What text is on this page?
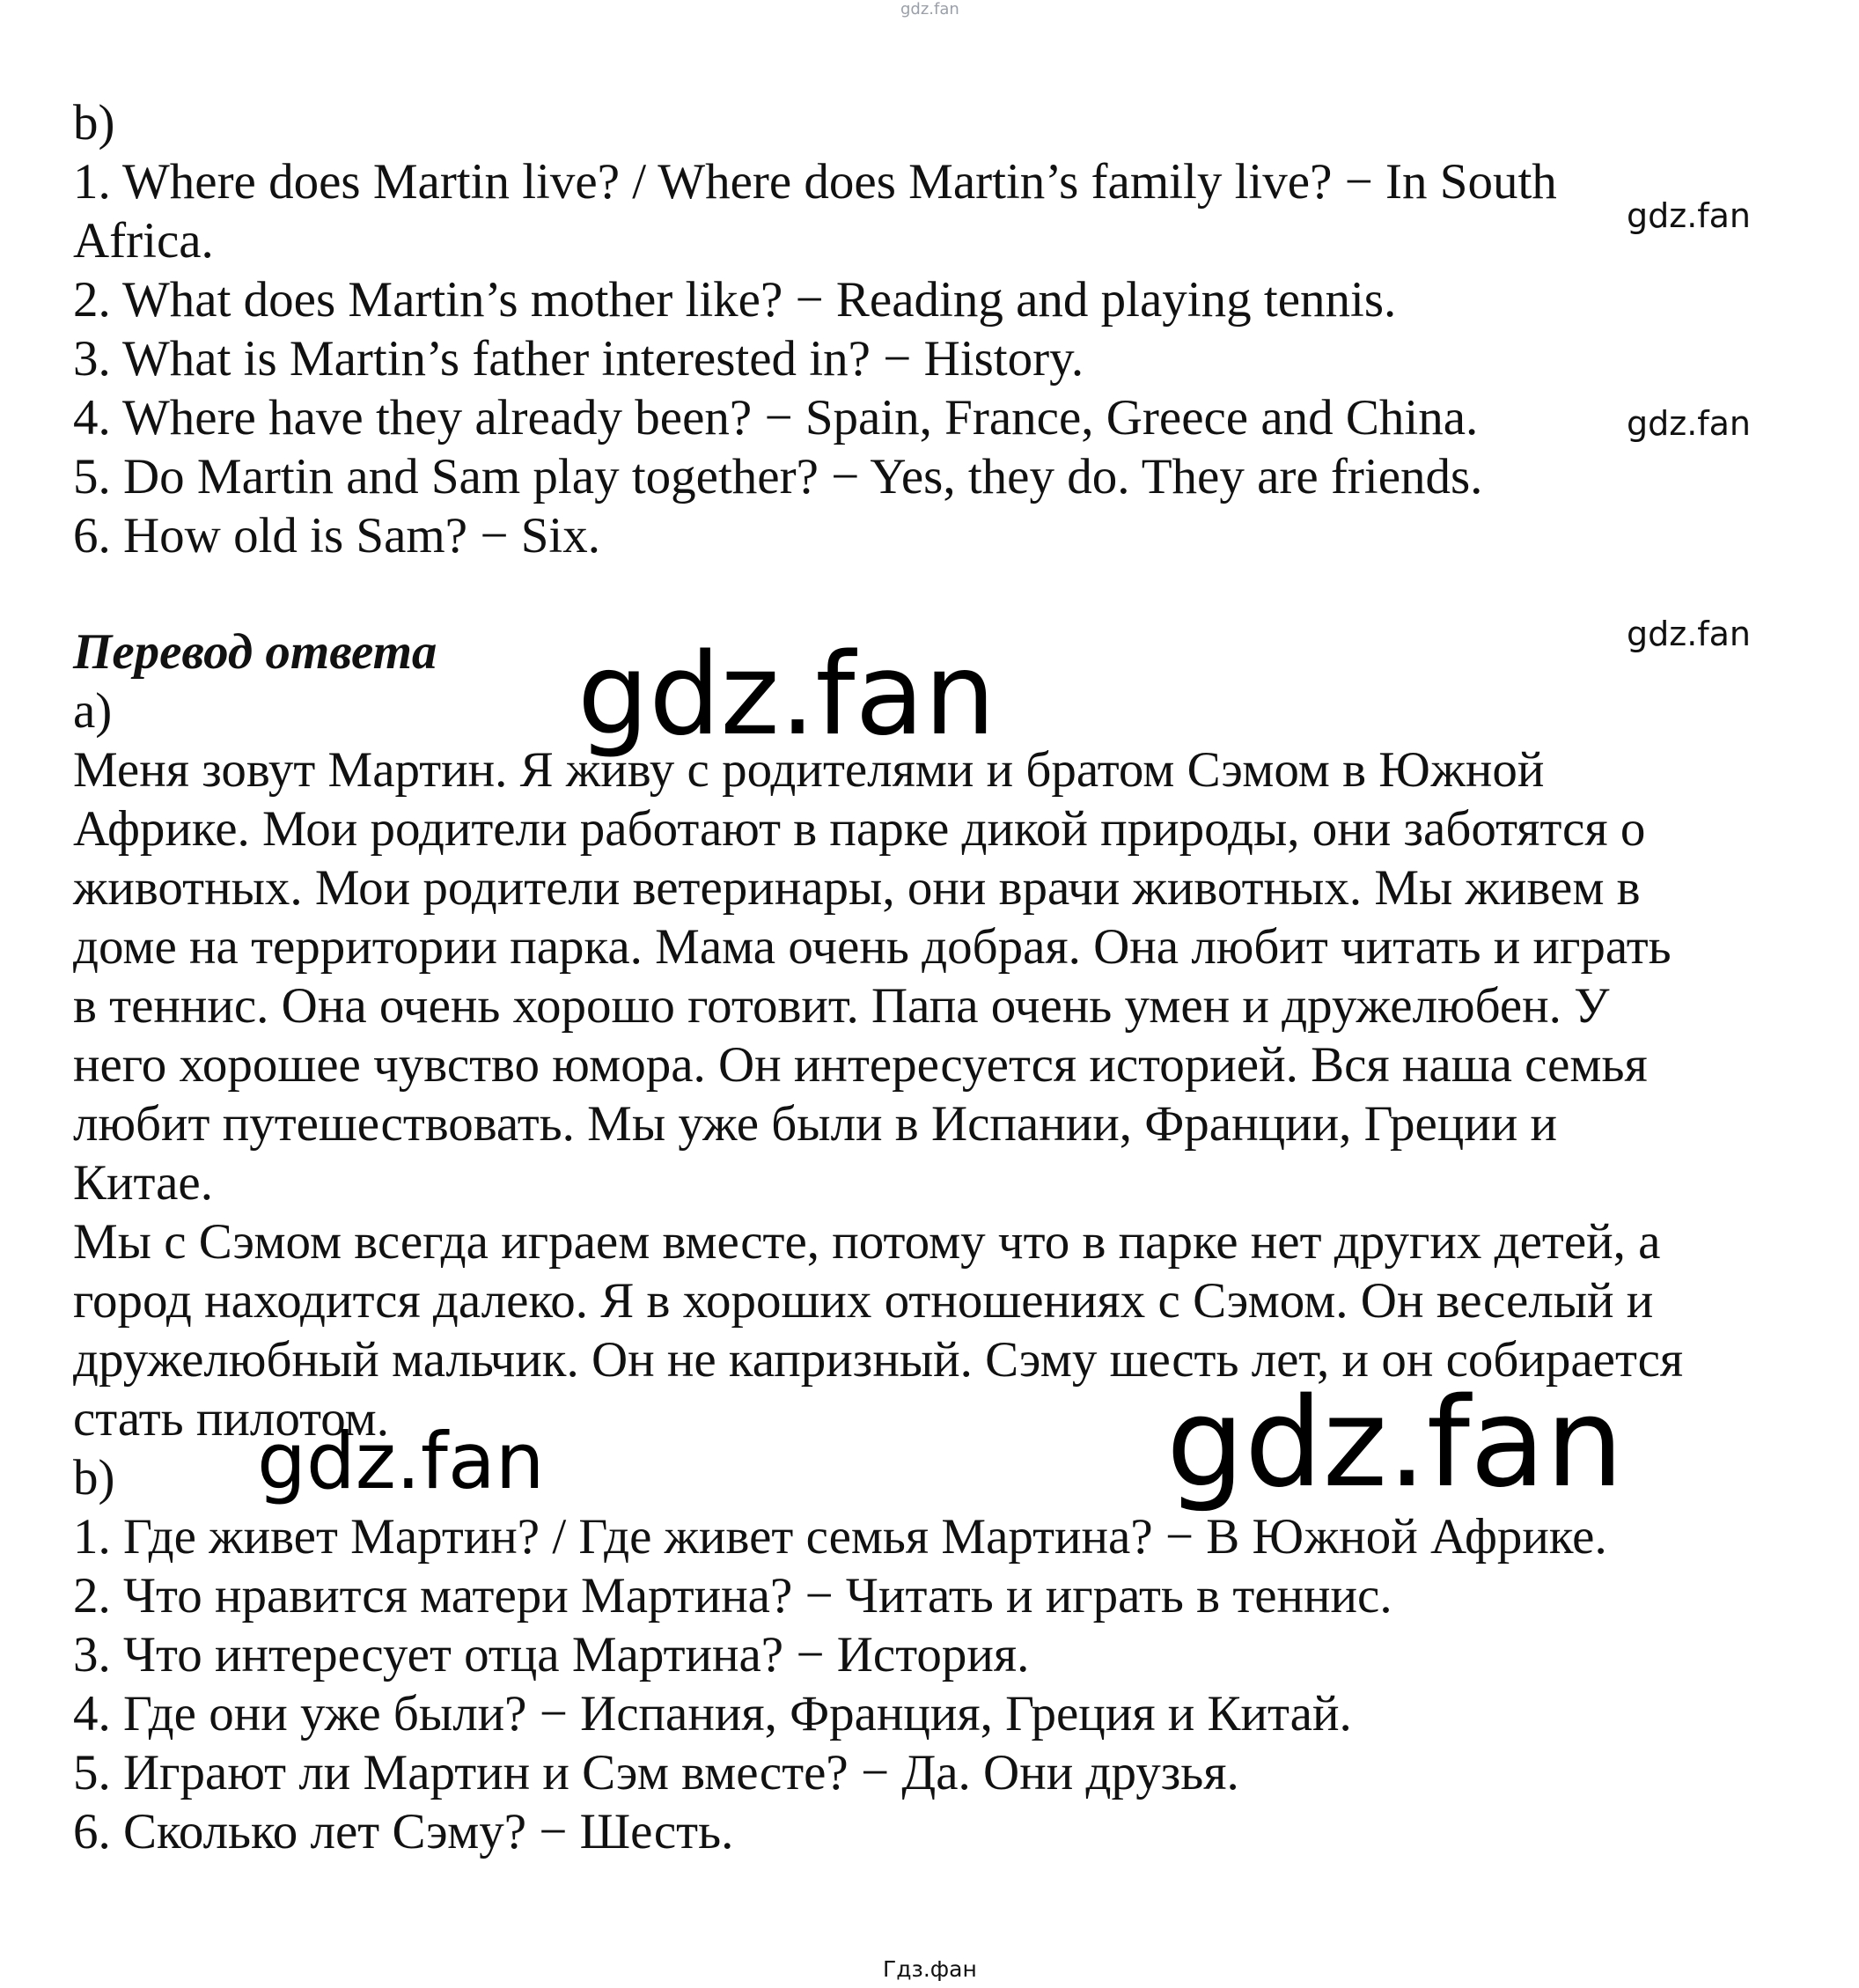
gdz.fan

b)

1. Where does Martin live? / Where does Martin’s family live? − In South

Africa.

2. What does Martin’s mother like? − Reading and playing tennis.

3. What is Martin’s father interested in? − History.

4. Where have they already been? − Spain, France, Greece and China.

5. Do Martin and Sam play together? − Yes, they do. They are friends.

6. How old is Sam? − Six.

Перевод ответа

a)

Меня зовут Мартин. Я живу с родителями и братом Сэмом в Южной

Африке. Мои родители работают в парке дикой природы, они заботятся о

животных. Мои родители ветеринары, они врачи животных. Мы живем в

доме на территории парка. Мама очень добрая. Она любит читать и играть

в теннис. Она очень хорошо готовит. Папа очень умен и дружелюбен. У

него хорошее чувство юмора. Он интересуется историей. Вся наша семья

любит путешествовать. Мы уже были в Испании, Франции, Греции и

Китае.

Мы с Сэмом всегда играем вместе, потому что в парке нет других детей, а

город находится далеко. Я в хороших отношениях с Сэмом. Он веселый и

дружелюбный мальчик. Он не капризный. Сэму шесть лет, и он собирается

стать пилотом.

b)

1. Где живет Мартин? / Где живет семья Мартина? − В Южной Африке.

2. Что нравится матери Мартина? − Читать и играть в теннис.

3. Что интересует отца Мартина? − История.

4. Где они уже были? − Испания, Франция, Греция и Китай.

5. Играют ли Мартин и Сэм вместе? − Да. Они друзья.

6. Сколько лет Сэму? − Шесть.

gdz.fan
gdz.fan
gdz.fan
gdz.fan
gdz.fan
gdz.fan
Гдз.фан
